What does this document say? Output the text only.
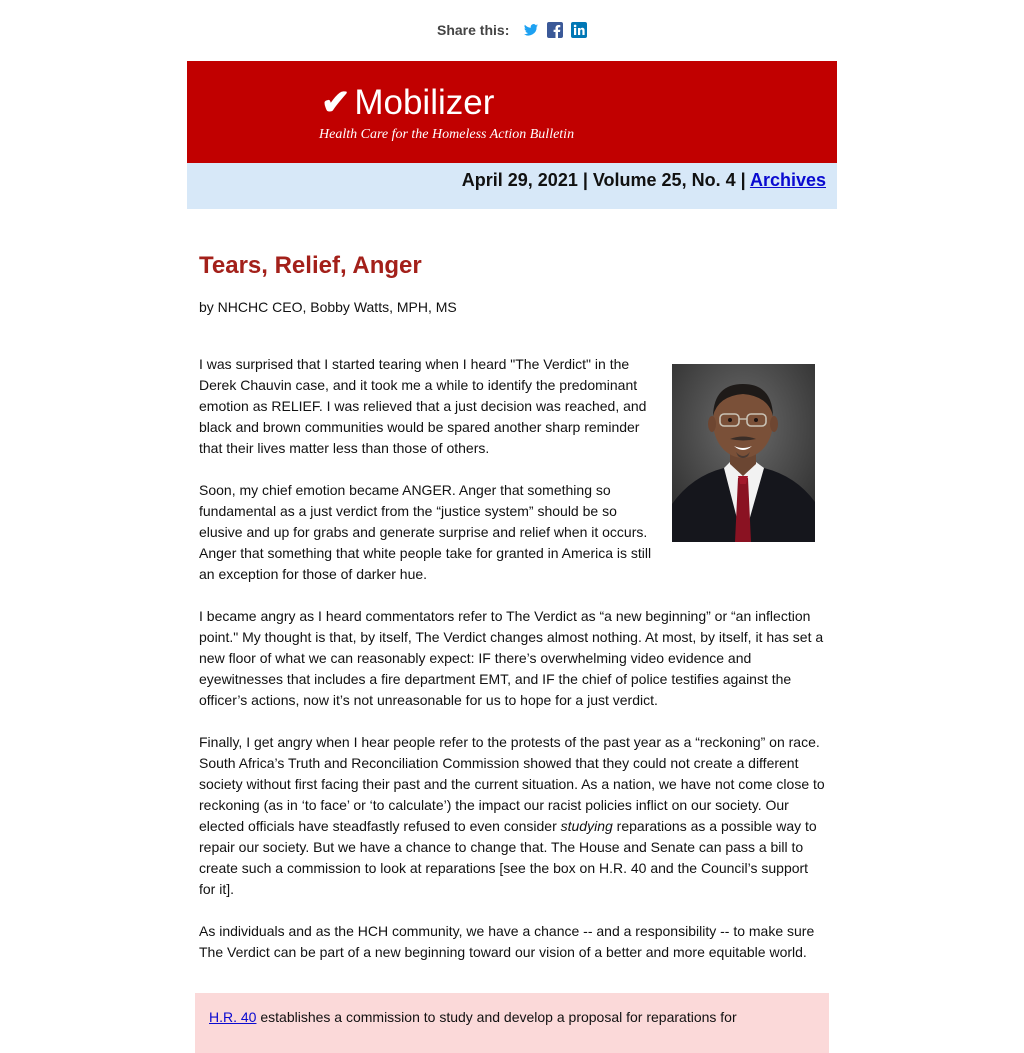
Share this:
✔ Mobilizer
Health Care for the Homeless Action Bulletin
April 29, 2021 | Volume 25, No. 4 | Archives
Tears, Relief, Anger
by NHCHC CEO, Bobby Watts, MPH, MS

I was surprised that I started tearing when I heard "The Verdict" in the Derek Chauvin case, and it took me a while to identify the predominant emotion as RELIEF. I was relieved that a just decision was reached, and black and brown communities would be spared another sharp reminder that their lives matter less than those of others.

Soon, my chief emotion became ANGER. Anger that something so fundamental as a just verdict from the “justice system” should be so elusive and up for grabs and generate surprise and relief when it occurs. Anger that something that white people take for granted in America is still an exception for those of darker hue.

I became angry as I heard commentators refer to The Verdict as “a new beginning” or “an inflection point." My thought is that, by itself, The Verdict changes almost nothing. At most, by itself, it has set a new floor of what we can reasonably expect: IF there’s overwhelming video evidence and eyewitnesses that includes a fire department EMT, and IF the chief of police testifies against the officer’s actions, now it’s not unreasonable for us to hope for a just verdict.

Finally, I get angry when I hear people refer to the protests of the past year as a “reckoning” on race. South Africa’s Truth and Reconciliation Commission showed that they could not create a different society without first facing their past and the current situation. As a nation, we have not come close to reckoning (as in ‘to face’ or ‘to calculate’) the impact our racist policies inflict on our society. Our elected officials have steadfastly refused to even consider studying reparations as a possible way to repair our society. But we have a chance to change that. The House and Senate can pass a bill to create such a commission to look at reparations [see the box on H.R. 40 and the Council’s support for it].

As individuals and as the HCH community, we have a chance -- and a responsibility -- to make sure The Verdict can be part of a new beginning toward our vision of a better and more equitable world.

H.R. 40 establishes a commission to study and develop a proposal for reparations for
